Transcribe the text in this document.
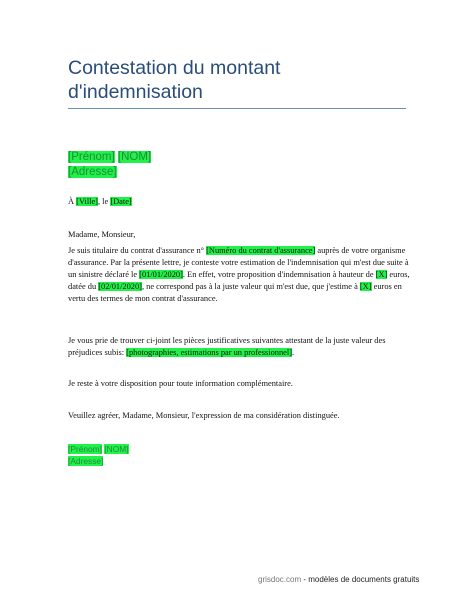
Contestation du montant
d'indemnisation
[Prénom] [NOM]
[Adresse]

À [Ville], le [Date]

Madame, Monsieur,

Je suis titulaire du contrat d'assurance n° [Numéro du contrat d'assurance] auprès de votre organisme d'assurance. Par la présente lettre, je conteste votre estimation de l'indemnisation qui m'est due suite à un sinistre déclaré le [01/01/2020]. En effet, votre proposition d'indemnisation à hauteur de [X] euros, datée du [02/01/2020], ne correspond pas à la juste valeur qui m'est due, que j'estime à [X] euros en vertu des termes de mon contrat d'assurance.

Je vous prie de trouver ci-joint les pièces justificatives suivantes attestant de la juste valeur des préjudices subis: [photographies, estimations par un professionnel].

Je reste à votre disposition pour toute information complémentaire.

Veuillez agréer, Madame, Monsieur, l'expression de ma considération distinguée.

[Prénom] [NOM]
[Adresse]
grisdoc.com - modèles de documents gratuits
